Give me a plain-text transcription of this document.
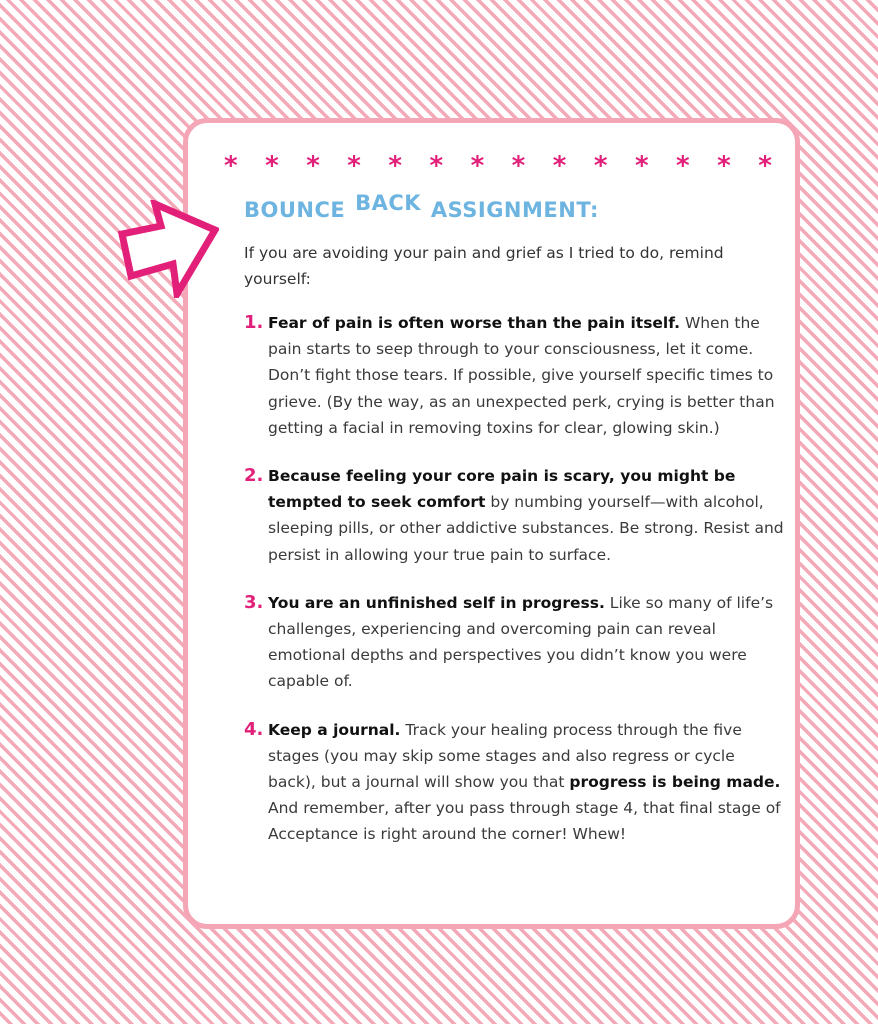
* * * * * * * * * * * * * *
BOUNCE BACK ASSIGNMENT:
If you are avoiding your pain and grief as I tried to do, remind yourself:
1. Fear of pain is often worse than the pain itself. When the pain starts to seep through to your consciousness, let it come. Don’t fight those tears. If possible, give yourself specific times to grieve. (By the way, as an unexpected perk, crying is better than getting a facial in removing toxins for clear, glowing skin.)
2. Because feeling your core pain is scary, you might be tempted to seek comfort by numbing yourself—with alcohol, sleeping pills, or other addictive substances. Be strong. Resist and persist in allowing your true pain to surface.
3. You are an unfinished self in progress. Like so many of life’s challenges, experiencing and overcoming pain can reveal emotional depths and perspectives you didn’t know you were capable of.
4. Keep a journal. Track your healing process through the five stages (you may skip some stages and also regress or cycle back), but a journal will show you that progress is being made. And remember, after you pass through stage 4, that final stage of Acceptance is right around the corner! Whew!
